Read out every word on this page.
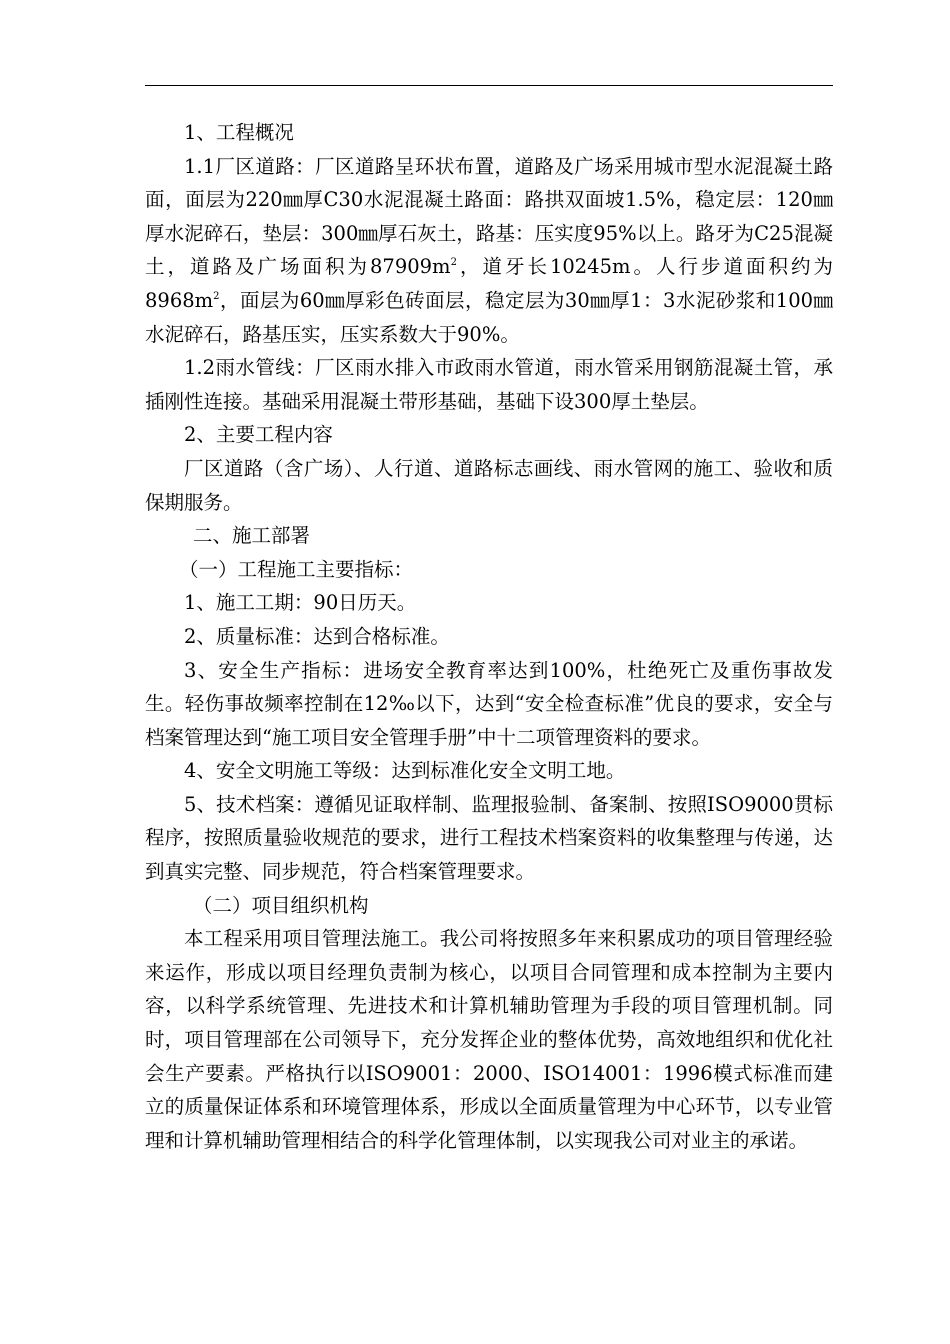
1、工程概况

1.1厂区道路：厂区道路呈环状布置，道路及广场采用城市型水泥混凝土路面，面层为220㎜厚C30水泥混凝土路面：路拱双面坡1.5%，稳定层：120㎜厚水泥碎石，垫层：300㎜厚石灰土，路基：压实度95%以上。路牙为C25混凝土，道路及广场面积为$87909m^2$，道牙长10245m。人行步道面积约为$8968m^2$，面层为60㎜厚彩色砖面层，稳定层为30㎜厚1：3水泥砂浆和100㎜水泥碎石，路基压实，压实系数大于90%。

1.2雨水管线：厂区雨水排入市政雨水管道，雨水管采用钢筋混凝土管，承插刚性连接。基础采用混凝土带形基础，基础下设300厚土垫层。

2、主要工程内容

厂区道路（含广场）、人行道、道路标志画线、雨水管网的施工、验收和质保期服务。

二、施工部署

（一）工程施工主要指标：

1、施工工期：90日历天。

2、质量标准：达到合格标准。

3、安全生产指标：进场安全教育率达到100%，杜绝死亡及重伤事故发生。轻伤事故频率控制在12‰以下，达到“安全检查标准”优良的要求，安全与档案管理达到“施工项目安全管理手册”中十二项管理资料的要求。

4、安全文明施工等级：达到标准化安全文明工地。

5、技术档案：遵循见证取样制、监理报验制、备案制、按照ISO9000贯标程序，按照质量验收规范的要求，进行工程技术档案资料的收集整理与传递，达到真实完整、同步规范，符合档案管理要求。

（二）项目组织机构

本工程采用项目管理法施工。我公司将按照多年来积累成功的项目管理经验来运作，形成以项目经理负责制为核心，以项目合同管理和成本控制为主要内容，以科学系统管理、先进技术和计算机辅助管理为手段的项目管理机制。同时，项目管理部在公司领导下，充分发挥企业的整体优势，高效地组织和优化社会生产要素。严格执行以ISO9001：2000、ISO14001：1996模式标准而建立的质量保证体系和环境管理体系，形成以全面质量管理为中心环节，以专业管理和计算机辅助管理相结合的科学化管理体制，以实现我公司对业主的承诺。
